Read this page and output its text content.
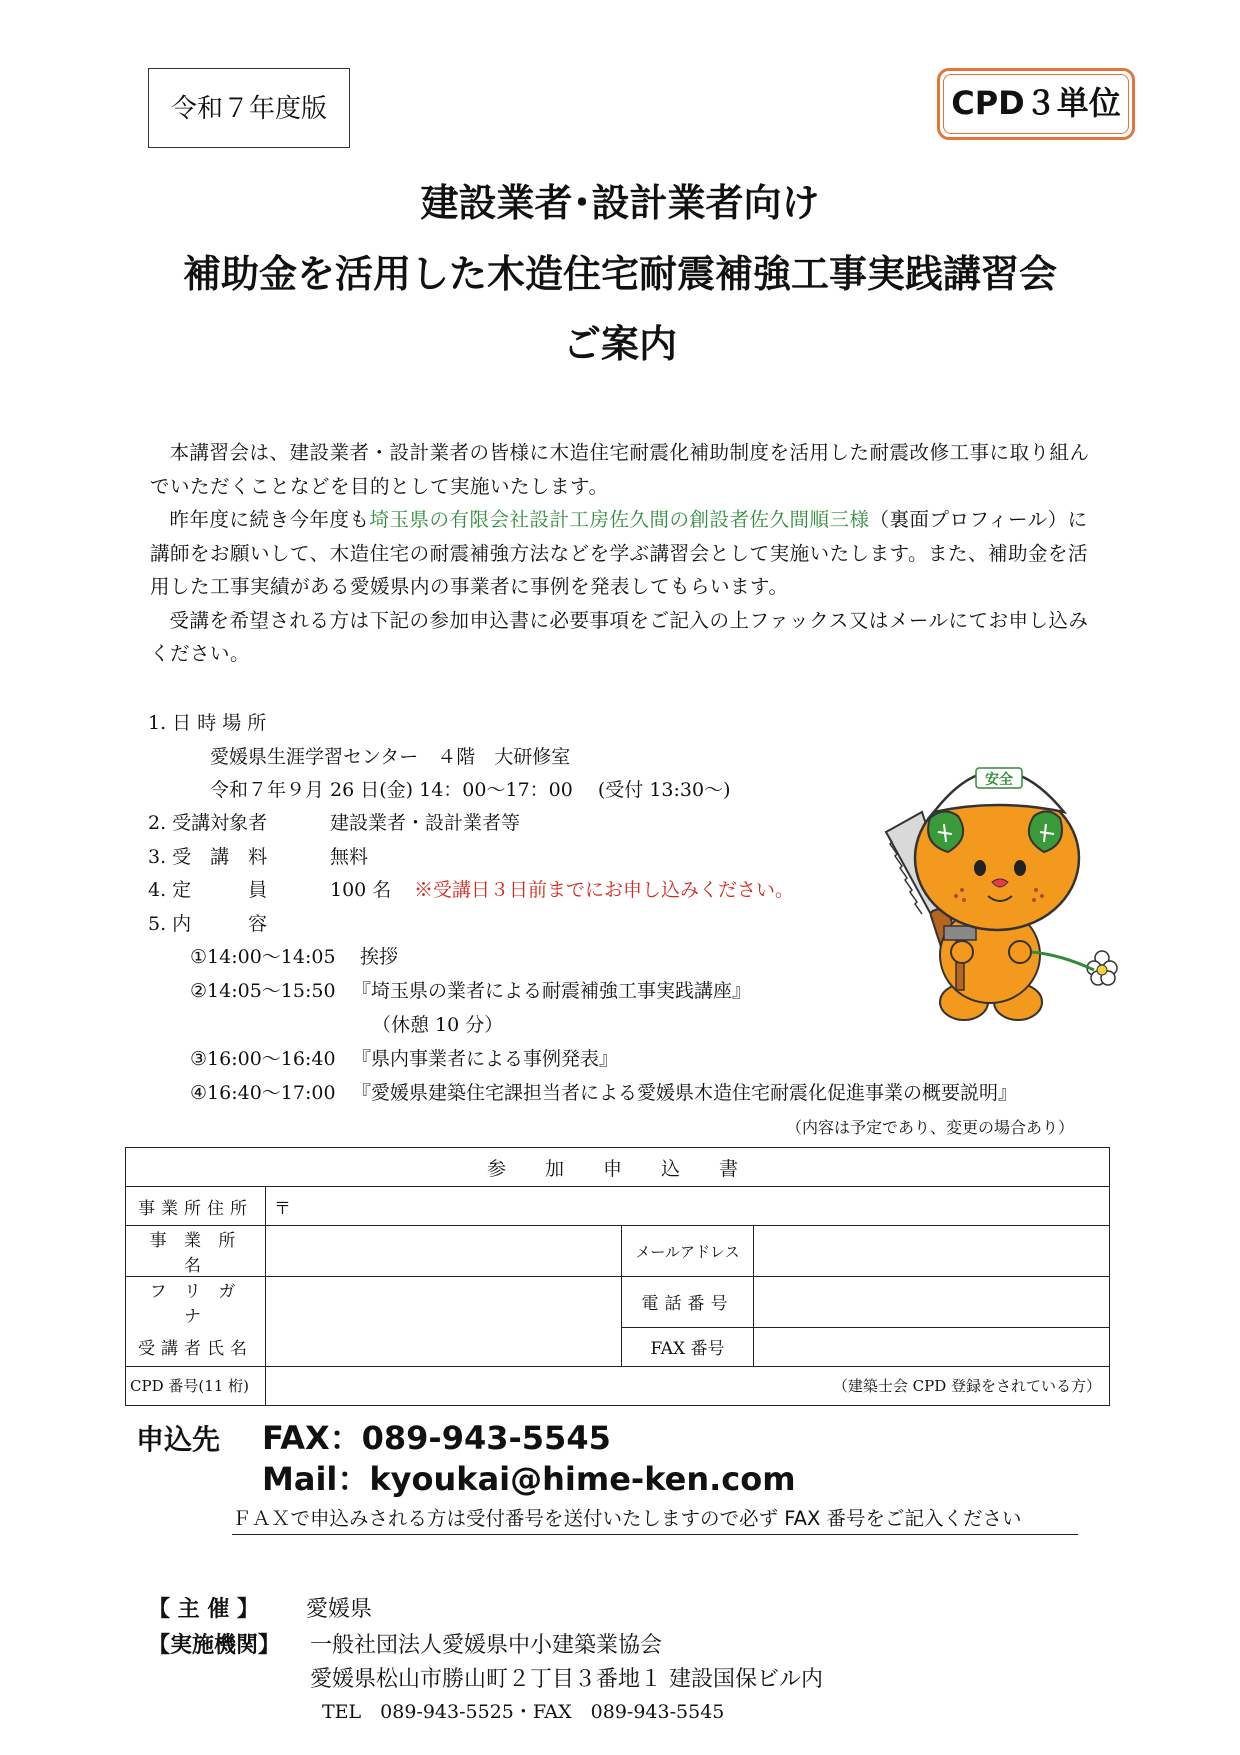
令和７年度版	CPD３単位
建設業者･設計業者向け
補助金を活用した木造住宅耐震補強工事実践講習会
ご案内

本講習会は、建設業者・設計業者の皆様に木造住宅耐震化補助制度を活用した耐震改修工事に取り組んでいただくことなどを目的として実施いたします。

昨年度に続き今年度も埼玉県の有限会社設計工房佐久間の創設者佐久間順三様（裏面プロフィール）に講師をお願いして、木造住宅の耐震補強方法などを学ぶ講習会として実施いたします。また、補助金を活用した工事実績がある愛媛県内の事業者に事例を発表してもらいます。

受講を希望される方は下記の参加申込書に必要事項をご記入の上ファックス又はメールにてお申し込みください。

1. 日 時 場 所
愛媛県生涯学習センター　４階　大研修室
令和７年９月 26 日(金) 14：00～17：00　 (受付 13:30～)
2. 受講対象者	建設業者・設計業者等
3. 受　講　料	無料
4. 定　　　員	100 名 ※受講日３日前までにお申し込みください。
5. 内　　　容
①14:00～14:05 挨拶
②14:05～15:50 『埼玉県の業者による耐震補強工事実践講座』
（休憩 10 分）
③16:00～16:40 『県内事業者による事例発表』
④16:40～17:00 『愛媛県建築住宅課担当者による愛媛県木造住宅耐震化促進事業の概要説明』
（内容は予定であり、変更の場合あり）
安全
参　加　申　込　書			
事業所住所	〒		
事 業 所 名		メールアドレス	
フ リ ガ ナ		電話番号	
受講者氏名		FAX 番号	
CPD 番号(11 桁)	（建築士会 CPD 登録をされている方）		
申込先 FAX：089-943-5545
Mail：kyoukai@hime-ken.com
ＦＡＸで申込みされる方は受付番号を送付いたしますので必ず FAX 番号をご記入ください
【 主 催 】 愛媛県
【実施機関】 一般社団法人愛媛県中小建築業協会
愛媛県松山市勝山町２丁目３番地１ 建設国保ビル内
TEL　089-943-5525・FAX　089-943-5545
